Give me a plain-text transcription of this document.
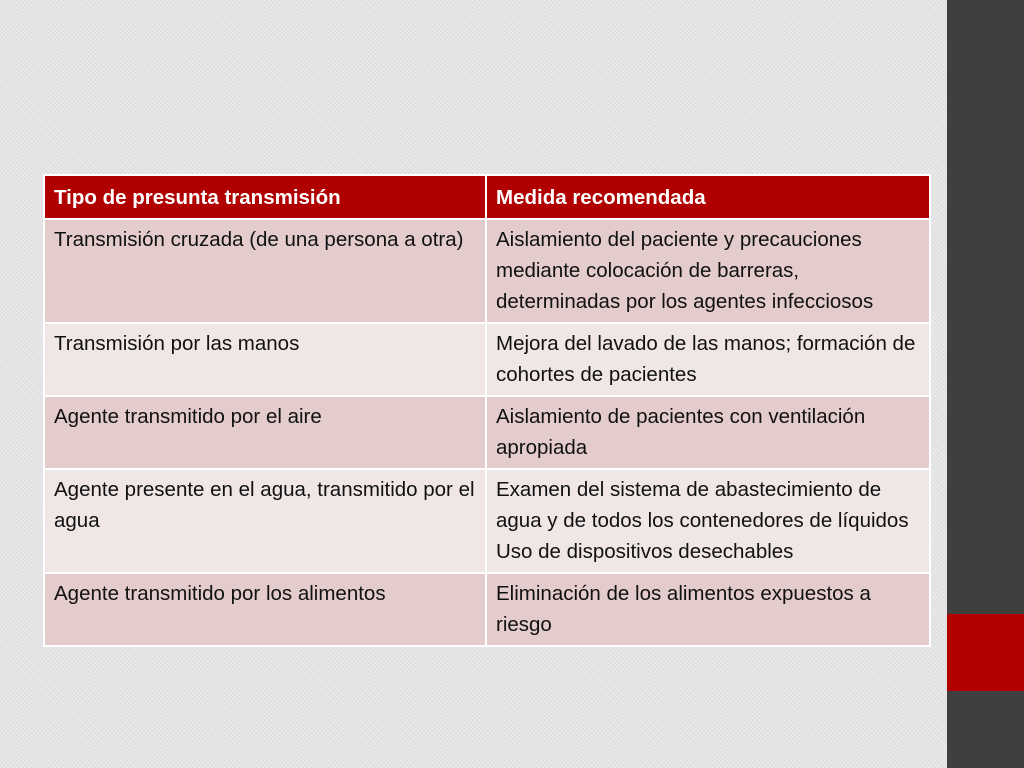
Tipo de presunta transmisión	Medida recomendada
Transmisión cruzada (de una persona a otra)	Aislamiento del paciente y precauciones mediante colocación de barreras, determinadas por los agentes infecciosos
Transmisión por las manos	Mejora del lavado de las manos; formación de cohortes de pacientes
Agente transmitido por el aire	Aislamiento de pacientes con ventilación apropiada
Agente presente en el agua, transmitido por el agua	Examen del sistema de abastecimiento de agua y de todos los contenedores de líquidos Uso de dispositivos desechables
Agente transmitido por los alimentos	Eliminación de los alimentos expuestos a riesgo
